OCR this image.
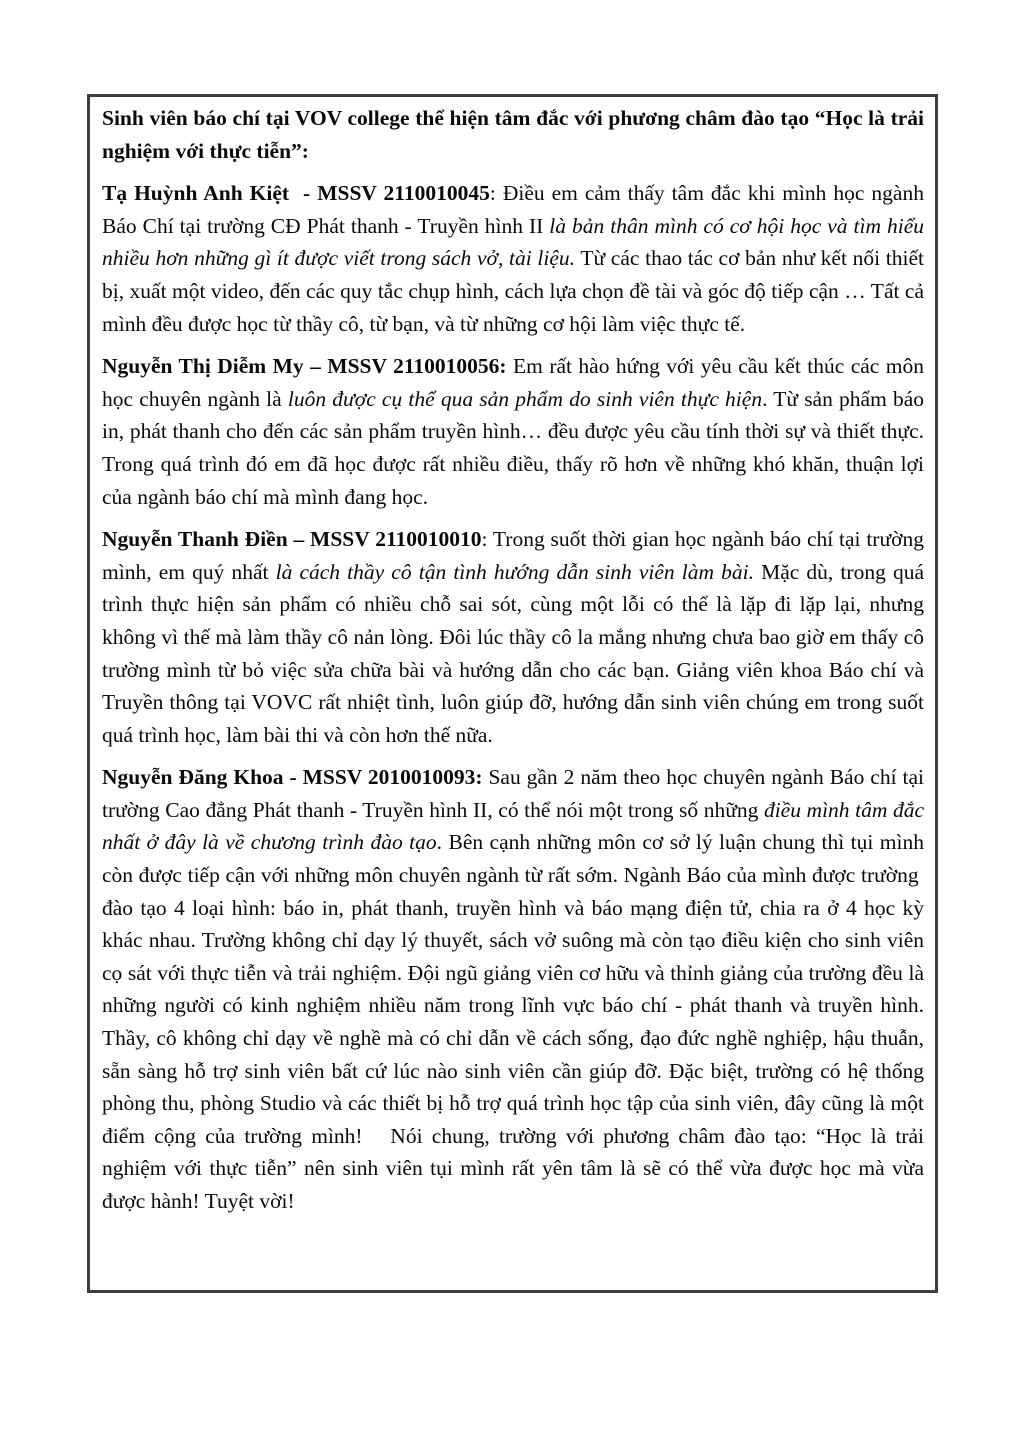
Sinh viên báo chí tại VOV college thể hiện tâm đắc với phương châm đào tạo “Học là trải nghiệm với thực tiễn”:

Tạ Huỳnh Anh Kiệt  - MSSV 2110010045: Điều em cảm thấy tâm đắc khi mình học ngành Báo Chí tại trường CĐ Phát thanh - Truyền hình II là bản thân mình có cơ hội học và tìm hiểu nhiều hơn những gì ít được viết trong sách vở, tài liệu. Từ các thao tác cơ bản như kết nối thiết bị, xuất một video, đến các quy tắc chụp hình, cách lựa chọn đề tài và góc độ tiếp cận … Tất cả mình đều được học từ thầy cô, từ bạn, và từ những cơ hội làm việc thực tế.

Nguyễn Thị Diễm My – MSSV 2110010056: Em rất hào hứng với yêu cầu kết thúc các môn học chuyên ngành là luôn được cụ thể qua sản phẩm do sinh viên thực hiện. Từ sản phẩm báo in, phát thanh cho đến các sản phẩm truyền hình… đều được yêu cầu tính thời sự và thiết thực. Trong quá trình đó em đã học được rất nhiều điều, thấy rõ hơn về những khó khăn, thuận lợi của ngành báo chí mà mình đang học.

Nguyễn Thanh Điền – MSSV 2110010010: Trong suốt thời gian học ngành báo chí tại trường mình, em quý nhất là cách thầy cô tận tình hướng dẫn sinh viên làm bài. Mặc dù, trong quá trình thực hiện sản phẩm có nhiều chỗ sai sót, cùng một lỗi có thể là lặp đi lặp lại, nhưng không vì thế mà làm thầy cô nản lòng. Đôi lúc thầy cô la mắng nhưng chưa bao giờ em thấy cô trường mình từ bỏ việc sửa chữa bài và hướng dẫn cho các bạn. Giảng viên khoa Báo chí và Truyền thông tại VOVC rất nhiệt tình, luôn giúp đỡ, hướng dẫn sinh viên chúng em trong suốt quá trình học, làm bài thi và còn hơn thế nữa.

Nguyễn Đăng Khoa - MSSV 2010010093: Sau gần 2 năm theo học chuyên ngành Báo chí tại trường Cao đẳng Phát thanh - Truyền hình II, có thể nói một trong số những điều mình tâm đắc nhất ở đây là về chương trình đào tạo. Bên cạnh những môn cơ sở lý luận chung thì tụi mình còn được tiếp cận với những môn chuyên ngành từ rất sớm. Ngành Báo của mình được trường  đào tạo 4 loại hình: báo in, phát thanh, truyền hình và báo mạng điện tử, chia ra ở 4 học kỳ khác nhau. Trường không chỉ dạy lý thuyết, sách vở suông mà còn tạo điều kiện cho sinh viên cọ sát với thực tiễn và trải nghiệm. Đội ngũ giảng viên cơ hữu và thỉnh giảng của trường đều là những người có kinh nghiệm nhiều năm trong lĩnh vực báo chí - phát thanh và truyền hình. Thầy, cô không chỉ dạy về nghề mà có chỉ dẫn về cách sống, đạo đức nghề nghiệp, hậu thuẫn, sẵn sàng hỗ trợ sinh viên bất cứ lúc nào sinh viên cần giúp đỡ. Đặc biệt, trường có hệ thống phòng thu, phòng Studio và các thiết bị hỗ trợ quá trình học tập của sinh viên, đây cũng là một điểm cộng của trường mình!   Nói chung, trường với phương châm đào tạo: “Học là trải nghiệm với thực tiễn” nên sinh viên tụi mình rất yên tâm là sẽ có thể vừa được học mà vừa được hành! Tuyệt vời!
